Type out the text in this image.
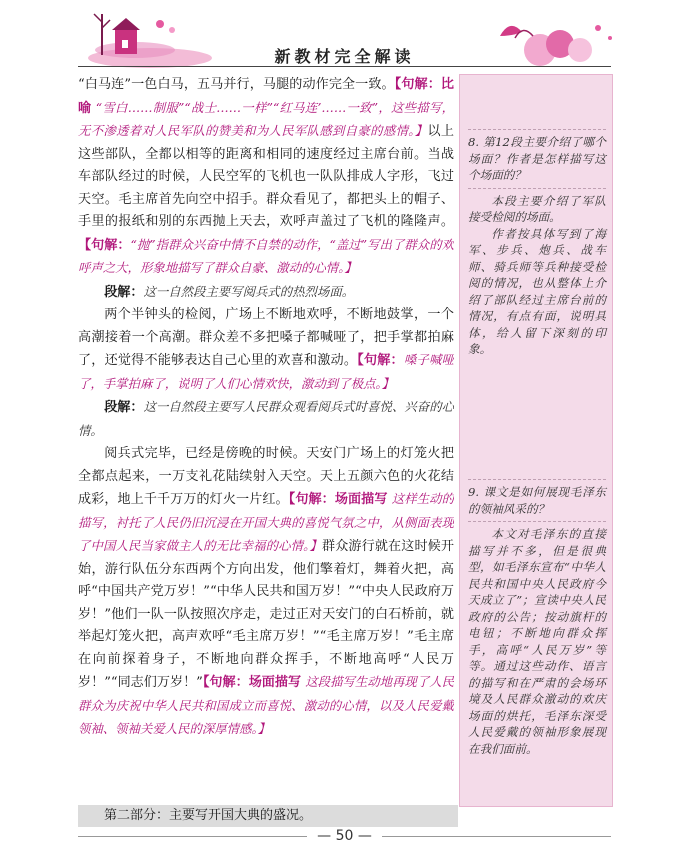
新教材完全解读

“白马连”一色白马，五马并行，马腿的动作完全一致。【句解：比喻 “雪白……制服”“战士……一样”“红马连’……一致”，这些描写，无不渗透着对人民军队的赞美和为人民军队感到自豪的感情。】以上这些部队，全都以相等的距离和相同的速度经过主席台前。当战车部队经过的时候，人民空军的飞机也一队队排成人字形，飞过天空。毛主席首先向空中招手。群众看见了，都把头上的帽子、手里的报纸和别的东西抛上天去，欢呼声盖过了飞机的隆隆声。【句解：“抛”指群众兴奋中情不自禁的动作，“盖过”写出了群众的欢呼声之大，形象地描写了群众自豪、激动的心情。】

段解：这一自然段主要写阅兵式的热烈场面。

两个半钟头的检阅，广场上不断地欢呼，不断地鼓掌，一个高潮接着一个高潮。群众差不多把嗓子都喊哑了，把手掌都拍麻了，还觉得不能够表达自己心里的欢喜和激动。【句解：嗓子喊哑了，手掌拍麻了，说明了人们心情欢快，激动到了极点。】

段解：这一自然段主要写人民群众观看阅兵式时喜悦、兴奋的心情。

阅兵式完毕，已经是傍晚的时候。天安门广场上的灯笼火把全都点起来，一万支礼花陆续射入天空。天上五颜六色的火花结成彩，地上千千万万的灯火一片红。【句解：场面描写 这样生动的描写，衬托了人民仍旧沉浸在开国大典的喜悦气氛之中，从侧面表现了中国人民当家做主人的无比幸福的心情。】群众游行就在这时候开始，游行队伍分东西两个方向出发，他们擎着灯，舞着火把，高呼“中国共产党万岁！”“中华人民共和国万岁！”“中央人民政府万岁！”他们一队一队按照次序走，走过正对天安门的白石桥前，就举起灯笼火把，高声欢呼“毛主席万岁！”“毛主席万岁！”毛主席在向前探着身子，不断地向群众挥手，不断地高呼“人民万岁！”“同志们万岁！”【句解：场面描写 这段描写生动地再现了人民群众为庆祝中华人民共和国成立而喜悦、激动的心情，以及人民爱戴领袖、领袖关爱人民的深厚情感。】

8. 第12段主要介绍了哪个场面？作者是怎样描写这个场面的？

本段主要介绍了军队接受检阅的场面。

作者按具体写到了海军、步兵、炮兵、战车师、骑兵师等兵种接受检阅的情况，也从整体上介绍了部队经过主席台前的情况，有点有面，说明具体，给人留下深刻的印象。

9. 课文是如何展现毛泽东的领袖风采的？

本文对毛泽东的直接描写并不多，但是很典型，如毛泽东宣布“中华人民共和国中央人民政府今天成立了”；宣读中央人民政府的公告；按动旗杆的电钮；不断地向群众挥手，高呼“人民万岁”等等。通过这些动作、语言的描写和在严肃的会场环境及人民群众激动的欢庆场面的烘托，毛泽东深受人民爱戴的领袖形象展现在我们面前。

第二部分：主要写开国大典的盛况。
— 50 —
